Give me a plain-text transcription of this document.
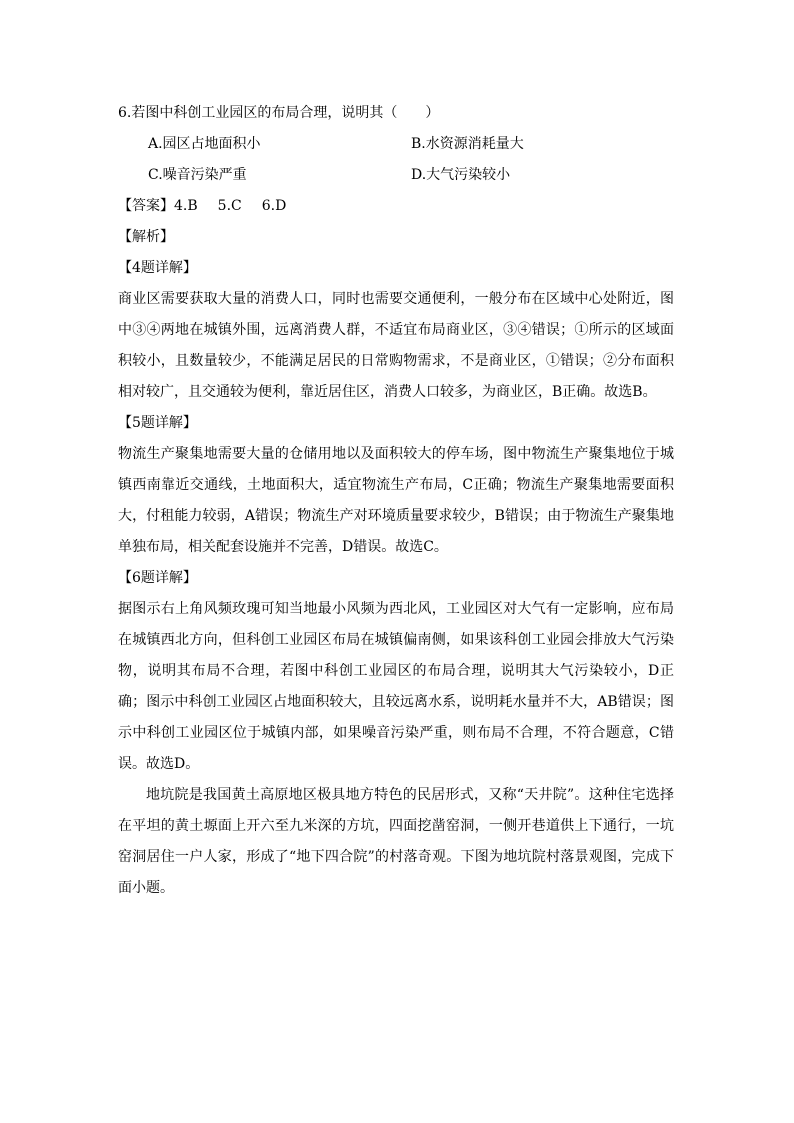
6.若图中科创工业园区的布局合理，说明其（　　）
A.园区占地面积小	B.水资源消耗量大
C.噪音污染严重	D.大气污染较小
【答案】4.B 5.C 6.D
【解析】
【4题详解】
商业区需要获取大量的消费人口，同时也需要交通便利，一般分布在区域中心处附近，图中③④两地在城镇外围，远离消费人群，不适宜布局商业区，③④错误；①所示的区域面积较小，且数量较少，不能满足居民的日常购物需求，不是商业区，①错误；②分布面积相对较广，且交通较为便利，靠近居住区，消费人口较多，为商业区，B正确。故选B。
【5题详解】
物流生产聚集地需要大量的仓储用地以及面积较大的停车场，图中物流生产聚集地位于城镇西南靠近交通线，土地面积大，适宜物流生产布局，C正确；物流生产聚集地需要面积大，付租能力较弱，A错误；物流生产对环境质量要求较少，B错误；由于物流生产聚集地单独布局，相关配套设施并不完善，D错误。故选C。
【6题详解】
据图示右上角风频玫瑰可知当地最小风频为西北风，工业园区对大气有一定影响，应布局在城镇西北方向，但科创工业园区布局在城镇偏南侧，如果该科创工业园会排放大气污染物，说明其布局不合理，若图中科创工业园区的布局合理，说明其大气污染较小，D正确；图示中科创工业园区占地面积较大，且较远离水系，说明耗水量并不大，AB错误；图示中科创工业园区位于城镇内部，如果噪音污染严重，则布局不合理，不符合题意，C错误。故选D。
地坑院是我国黄土高原地区极具地方特色的民居形式，又称“天井院”。这种住宅选择在平坦的黄土塬面上开六至九米深的方坑，四面挖凿窑洞，一侧开巷道供上下通行，一坑窑洞居住一户人家，形成了“地下四合院”的村落奇观。下图为地坑院村落景观图，完成下面小题。
